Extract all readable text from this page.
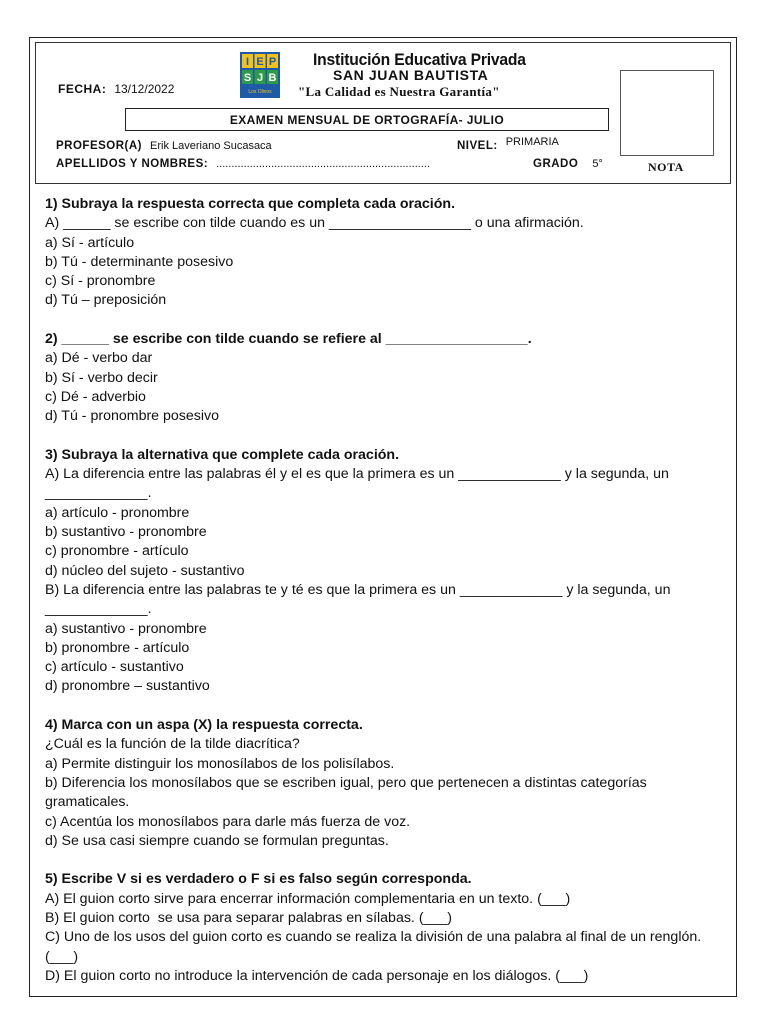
FECHA: 13/12/2022
I E P
S J B
Los Olivos
Institución Educativa Privada
SAN JUAN BAUTISTA
"La Calidad es Nuestra Garantía"
EXAMEN MENSUAL DE ORTOGRAFÍA- JULIO
NOTA
PROFESOR(A) Erik Laveriano Sucasaca	NIVEL: PRIMARIA
APELLIDOS Y NOMBRES: ......................................................................	GRADO 5°
1) Subraya la respuesta correcta que completa cada oración.
A) ______ se escribe con tilde cuando es un __________________ o una afirmación.
a) Sí - artículo
b) Tú - determinante posesivo
c) Sí - pronombre
d) Tú – preposición
2) ______ se escribe con tilde cuando se refiere al __________________.
a) Dé - verbo dar
b) Sí - verbo decir
c) Dé - adverbio
d) Tú - pronombre posesivo
3) Subraya la alternativa que complete cada oración.
A) La diferencia entre las palabras él y el es que la primera es un _____________ y la segunda, un _____________.
a) artículo - pronombre
b) sustantivo - pronombre
c) pronombre - artículo
d) núcleo del sujeto - sustantivo
B) La diferencia entre las palabras te y té es que la primera es un _____________ y la segunda, un _____________.
a) sustantivo - pronombre
b) pronombre - artículo
c) artículo - sustantivo
d) pronombre – sustantivo
4) Marca con un aspa (X) la respuesta correcta.
¿Cuál es la función de la tilde diacrítica?
a) Permite distinguir los monosílabos de los polisílabos.
b) Diferencia los monosílabos que se escriben igual, pero que pertenecen a distintas categorías gramaticales.
c) Acentúa los monosílabos para darle más fuerza de voz.
d) Se usa casi siempre cuando se formulan preguntas.
5) Escribe V si es verdadero o F si es falso según corresponda.
A) El guion corto sirve para encerrar información complementaria en un texto. (___)
B) El guion corto  se usa para separar palabras en sílabas. (___)
C) Uno de los usos del guion corto es cuando se realiza la división de una palabra al final de un renglón. (___)
D) El guion corto no introduce la intervención de cada personaje en los diálogos. (___)
